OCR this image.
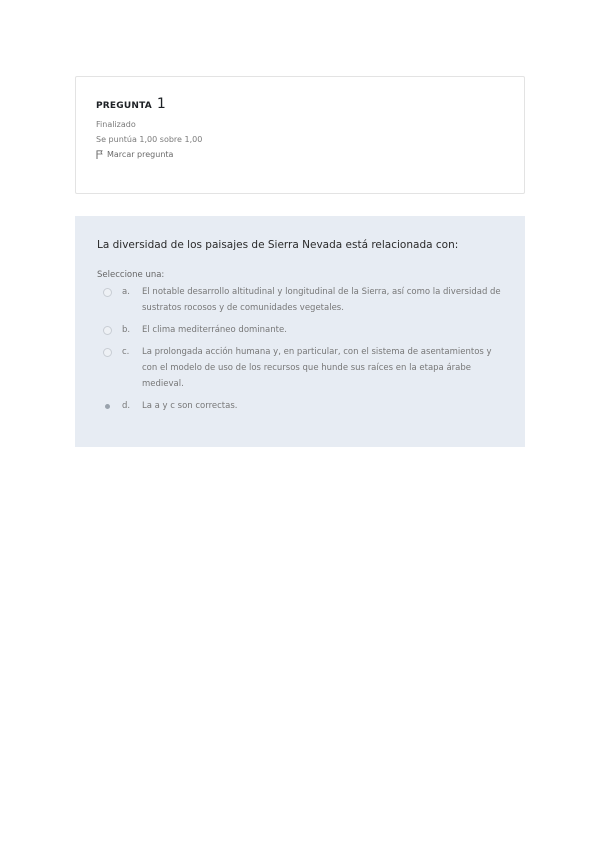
PREGUNTA 1
Finalizado
Se puntúa 1,00 sobre 1,00
Marcar pregunta
La diversidad de los paisajes de Sierra Nevada está relacionada con:
Seleccione una:
a.	El notable desarrollo altitudinal y longitudinal de la Sierra, así como la diversidad de sustratos rocosos y de comunidades vegetales.
b.	El clima mediterráneo dominante.
c.	La prolongada acción humana y, en particular, con el sistema de asentamientos y con el modelo de uso de los recursos que hunde sus raíces en la etapa árabe medieval.
d.	La a y c son correctas.
